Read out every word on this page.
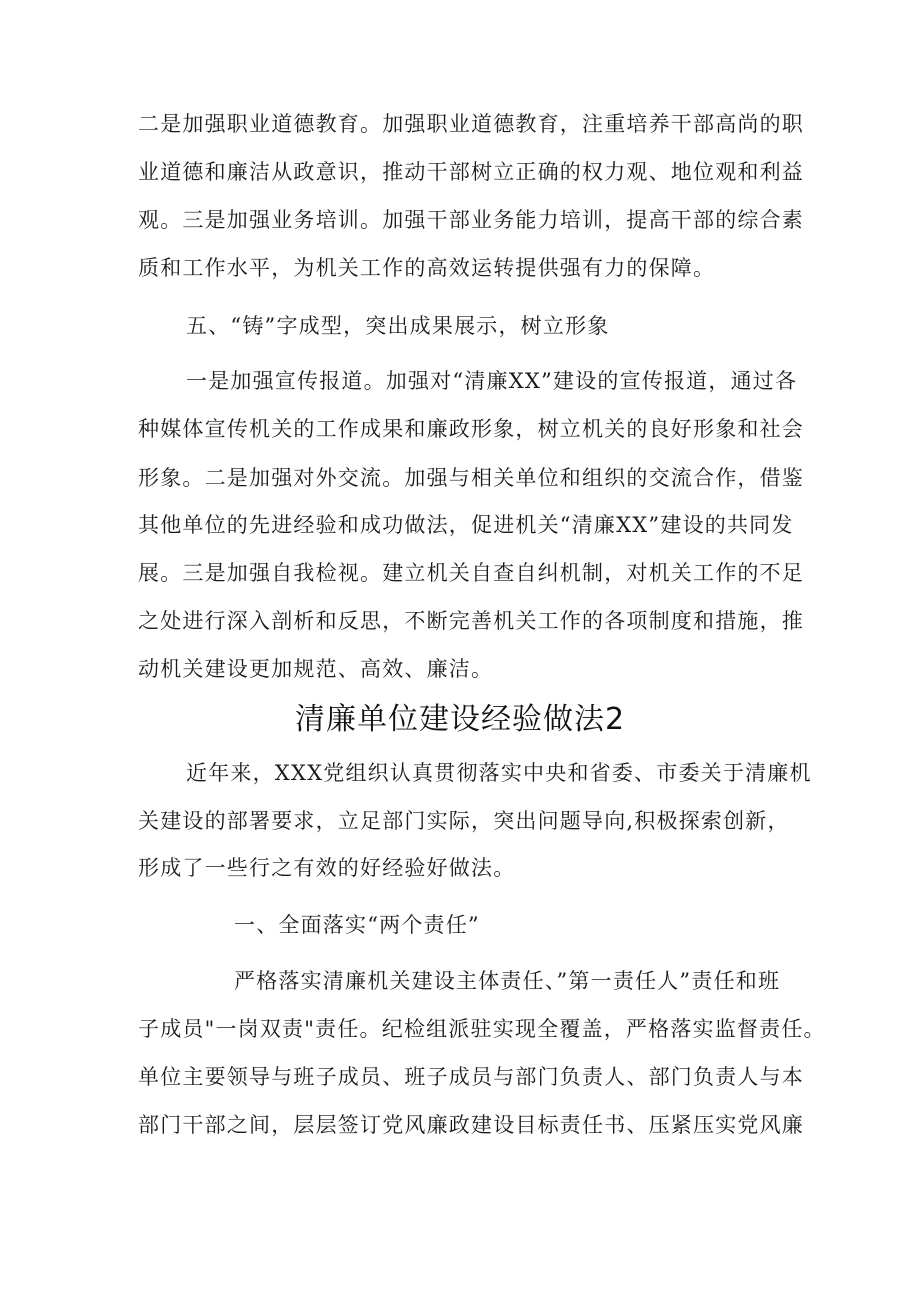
二是加强职业道德教育。加强职业道德教育，注重培养干部高尚的职
业道德和廉洁从政意识，推动干部树立正确的权力观、地位观和利益
观。三是加强业务培训。加强干部业务能力培训，提高干部的综合素
质和工作水平，为机关工作的高效运转提供强有力的保障。
五、“铸”字成型，突出成果展示，树立形象
一是加强宣传报道。加强对“清廉XX”建设的宣传报道，通过各
种媒体宣传机关的工作成果和廉政形象，树立机关的良好形象和社会
形象。二是加强对外交流。加强与相关单位和组织的交流合作，借鉴
其他单位的先进经验和成功做法，促进机关“清廉XX”建设的共同发
展。三是加强自我检视。建立机关自查自纠机制，对机关工作的不足
之处进行深入剖析和反思，不断完善机关工作的各项制度和措施，推
动机关建设更加规范、高效、廉洁。
清廉单位建设经验做法2
近年来，XXX党组织认真贯彻落实中央和省委、市委关于清廉机
关建设的部署要求，立足部门实际，突出问题导向,积极探索创新，
形成了一些行之有效的好经验好做法。
一、全面落实“两个责任”
严格落实清廉机关建设主体责任、”第一责任人”责任和班
子成员"一岗双责"责任。纪检组派驻实现全覆盖，严格落实监督责任。
单位主要领导与班子成员、班子成员与部门负责人、部门负责人与本
部门干部之间，层层签订党风廉政建设目标责任书、压紧压实党风廉
